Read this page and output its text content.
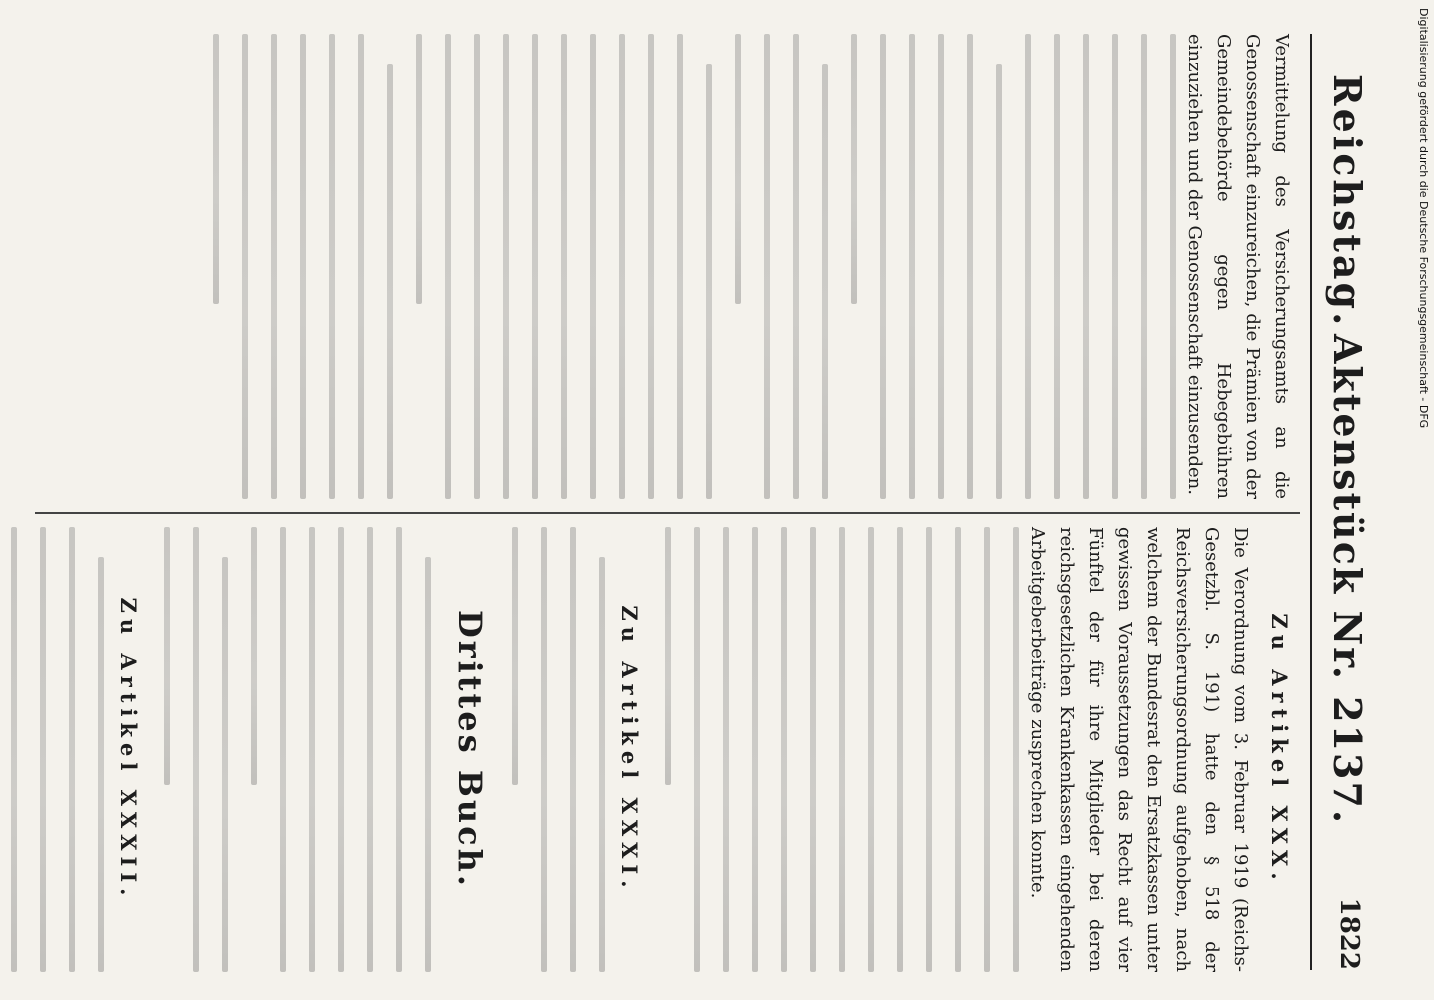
1822
Reichstag.
Aktenstück Nr. 2137.
Zu Artikel XXX.

Die Verordnung vom 3. Februar 1919 (Reichs-Gesetzbl. S. 191) hatte den § 518 der Reichsversicherungsordnung aufgehoben, nach welchem der Bundesrat den Ersatzkassen unter gewissen Voraussetzungen das Recht auf vier Fünftel der für ihre Mitglieder bei deren reichsgesetzlichen Krankenkassen eingehenden Arbeitgeberbeiträge zusprechen konnte.

Zu Artikel XXXI.
Drittes Buch.
Zu Artikel XXXII.

Vermittelung des Versicherungsamts an die Genossenschaft einzureichen, die Prämien von der Gemeindebehörde gegen Hebegebühren einzuziehen und der Genossenschaft einzusenden.	Digitalisierung gefördert durch die Deutsche Forschungsgemeinschaft - DFG
